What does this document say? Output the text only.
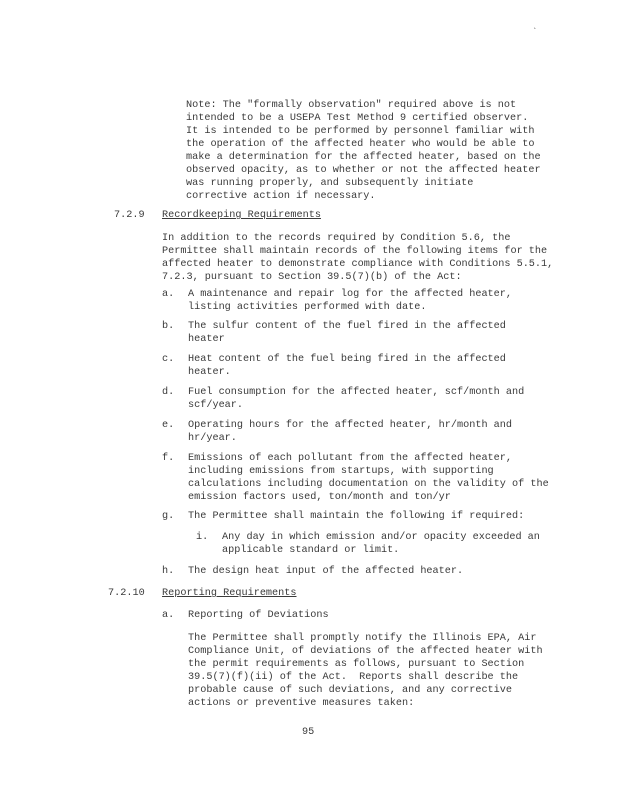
ˎ
Note: The "formally observation" required above is not
intended to be a USEPA Test Method 9 certified observer.
It is intended to be performed by personnel familiar with
the operation of the affected heater who would be able to
make a determination for the affected heater, based on the
observed opacity, as to whether or not the affected heater
was running properly, and subsequently initiate
corrective action if necessary.
7.2.9 Recordkeeping Requirements
In addition to the records required by Condition 5.6, the
Permittee shall maintain records of the following items for the
affected heater to demonstrate compliance with Conditions 5.5.1,
7.2.3, pursuant to Section 39.5(7)(b) of the Act:
a. A maintenance and repair log for the affected heater,
listing activities performed with date.
b. The sulfur content of the fuel fired in the affected
heater
c. Heat content of the fuel being fired in the affected
heater.
d. Fuel consumption for the affected heater, scf/month and
scf/year.
e. Operating hours for the affected heater, hr/month and
hr/year.
f. Emissions of each pollutant from the affected heater,
including emissions from startups, with supporting
calculations including documentation on the validity of the
emission factors used, ton/month and ton/yr
g. The Permittee shall maintain the following if required:
i. Any day in which emission and/or opacity exceeded an
applicable standard or limit.
h. The design heat input of the affected heater.
7.2.10 Reporting Requirements
a. Reporting of Deviations
The Permittee shall promptly notify the Illinois EPA, Air
Compliance Unit, of deviations of the affected heater with
the permit requirements as follows, pursuant to Section
39.5(7)(f)(ii) of the Act.  Reports shall describe the
probable cause of such deviations, and any corrective
actions or preventive measures taken:
95
